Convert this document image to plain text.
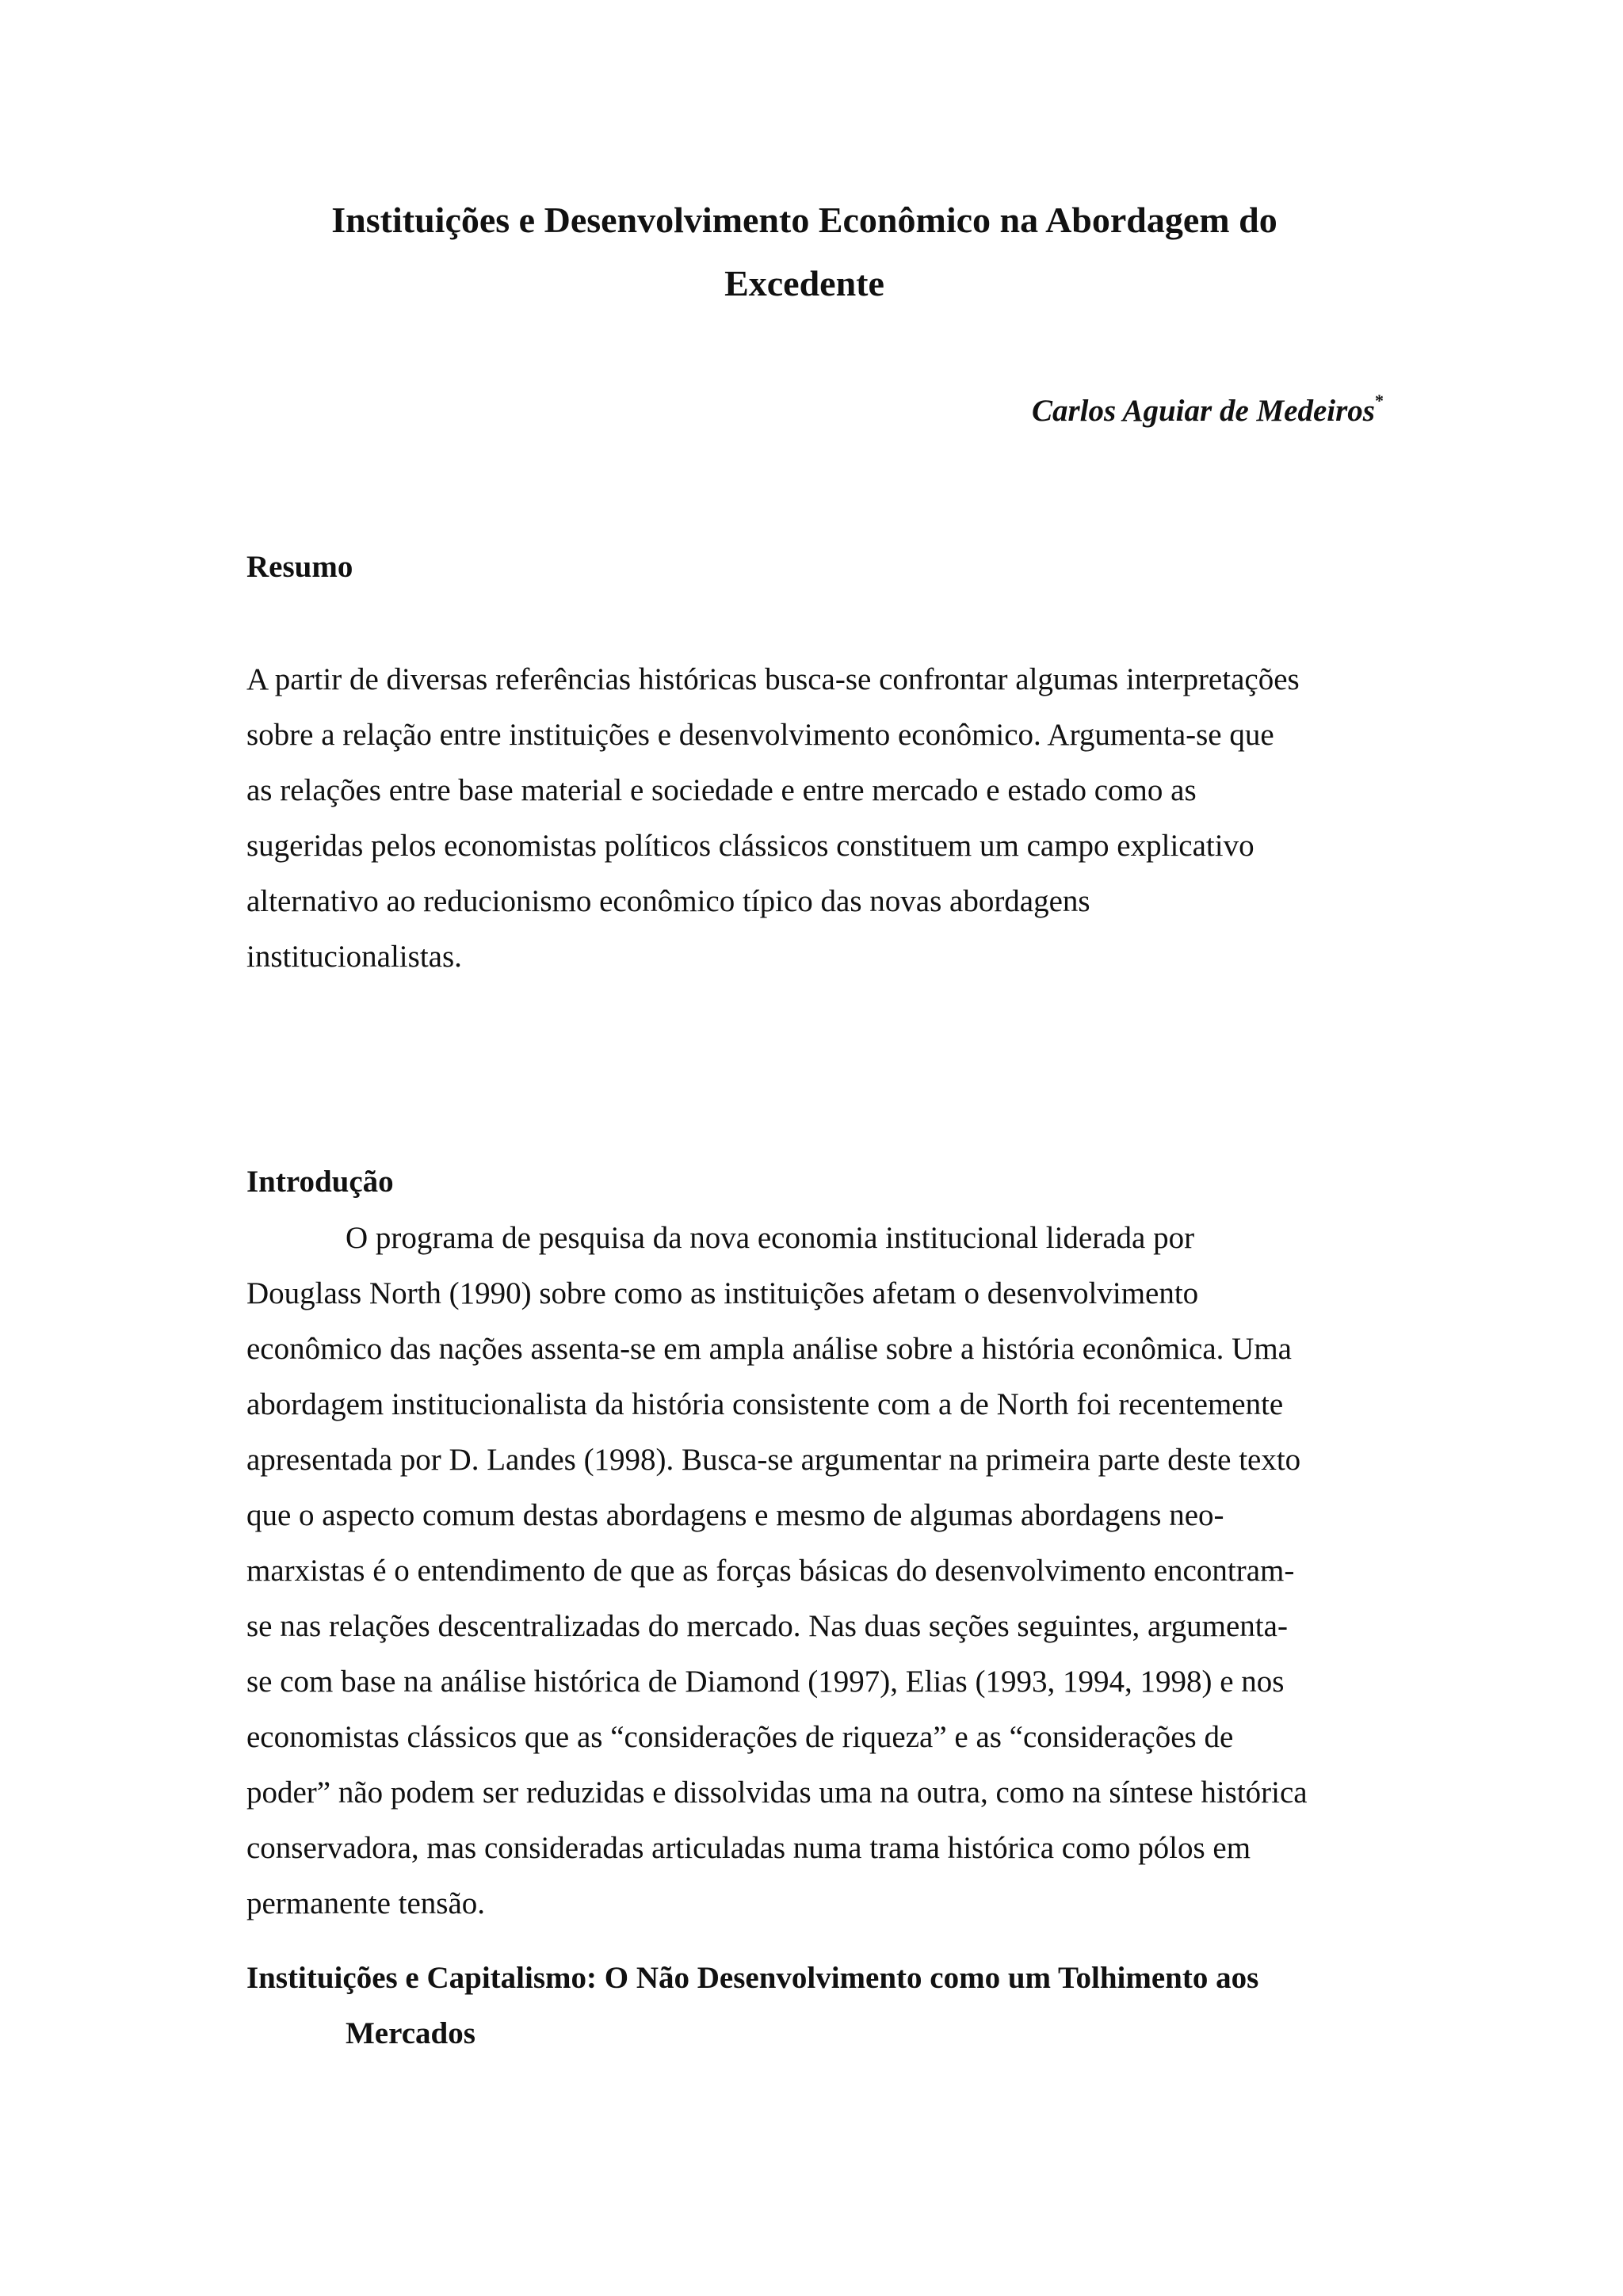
Instituições e Desenvolvimento Econômico na Abordagem do
Excedente
Carlos Aguiar de Medeiros*
Resumo
A partir de diversas referências históricas busca-se confrontar algumas interpretações
sobre a relação entre instituições e desenvolvimento econômico. Argumenta-se que
as relações entre base material e sociedade e entre mercado e estado como as
sugeridas pelos economistas políticos clássicos constituem um campo explicativo
alternativo ao reducionismo econômico típico das novas abordagens
institucionalistas.
Introdução
O programa de pesquisa da nova economia institucional liderada por
Douglass North (1990) sobre como as instituições afetam o desenvolvimento
econômico das nações assenta-se em ampla análise sobre a história econômica. Uma
abordagem institucionalista da história consistente com a de North foi recentemente
apresentada por D. Landes (1998). Busca-se argumentar na primeira parte deste texto
que o aspecto comum destas abordagens e mesmo de algumas abordagens neo-
marxistas é o entendimento de que as forças básicas do desenvolvimento encontram-
se nas relações descentralizadas do mercado. Nas duas seções seguintes, argumenta-
se com base na análise histórica de Diamond (1997), Elias (1993, 1994, 1998) e nos
economistas clássicos que as “considerações de riqueza” e as “considerações de
poder” não podem ser reduzidas e dissolvidas uma na outra, como na síntese histórica
conservadora, mas consideradas articuladas numa trama histórica como pólos em
permanente tensão.
Instituições e Capitalismo: O Não Desenvolvimento como um Tolhimento aos
Mercados
